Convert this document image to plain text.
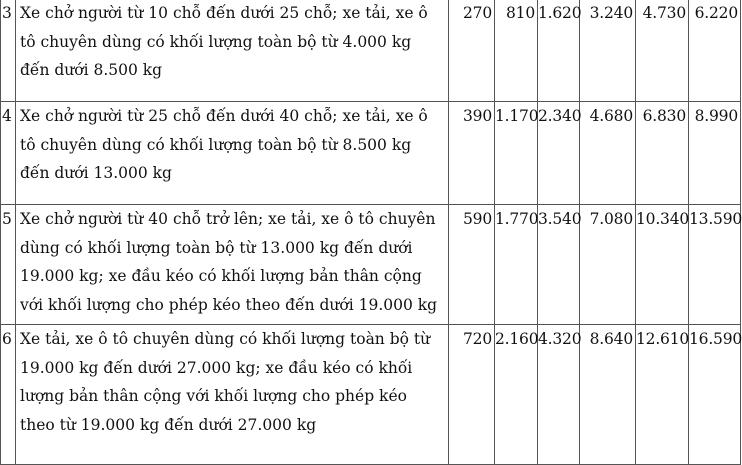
3	Xe chở người từ 10 chỗ đến dưới 25 chỗ; xe tải, xe ô tô chuyên dùng có khối lượng toàn bộ từ 4.000 kg đến dưới 8.500 kg	270	810	1.620	3.240	4.730	6.220
4	Xe chở người từ 25 chỗ đến dưới 40 chỗ; xe tải, xe ô tô chuyên dùng có khối lượng toàn bộ từ 8.500 kg đến dưới 13.000 kg	390	1.170	2.340	4.680	6.830	8.990
5	Xe chở người từ 40 chỗ trở lên; xe tải, xe ô tô chuyên dùng có khối lượng toàn bộ từ 13.000 kg đến dưới 19.000 kg; xe đầu kéo có khối lượng bản thân cộng với khối lượng cho phép kéo theo đến dưới 19.000 kg	590	1.770	3.540	7.080	10.340	13.590
6	Xe tải, xe ô tô chuyên dùng có khối lượng toàn bộ từ 19.000 kg đến dưới 27.000 kg; xe đầu kéo có khối lượng bản thân cộng với khối lượng cho phép kéo theo từ 19.000 kg đến dưới 27.000 kg	720	2.160	4.320	8.640	12.610	16.590
